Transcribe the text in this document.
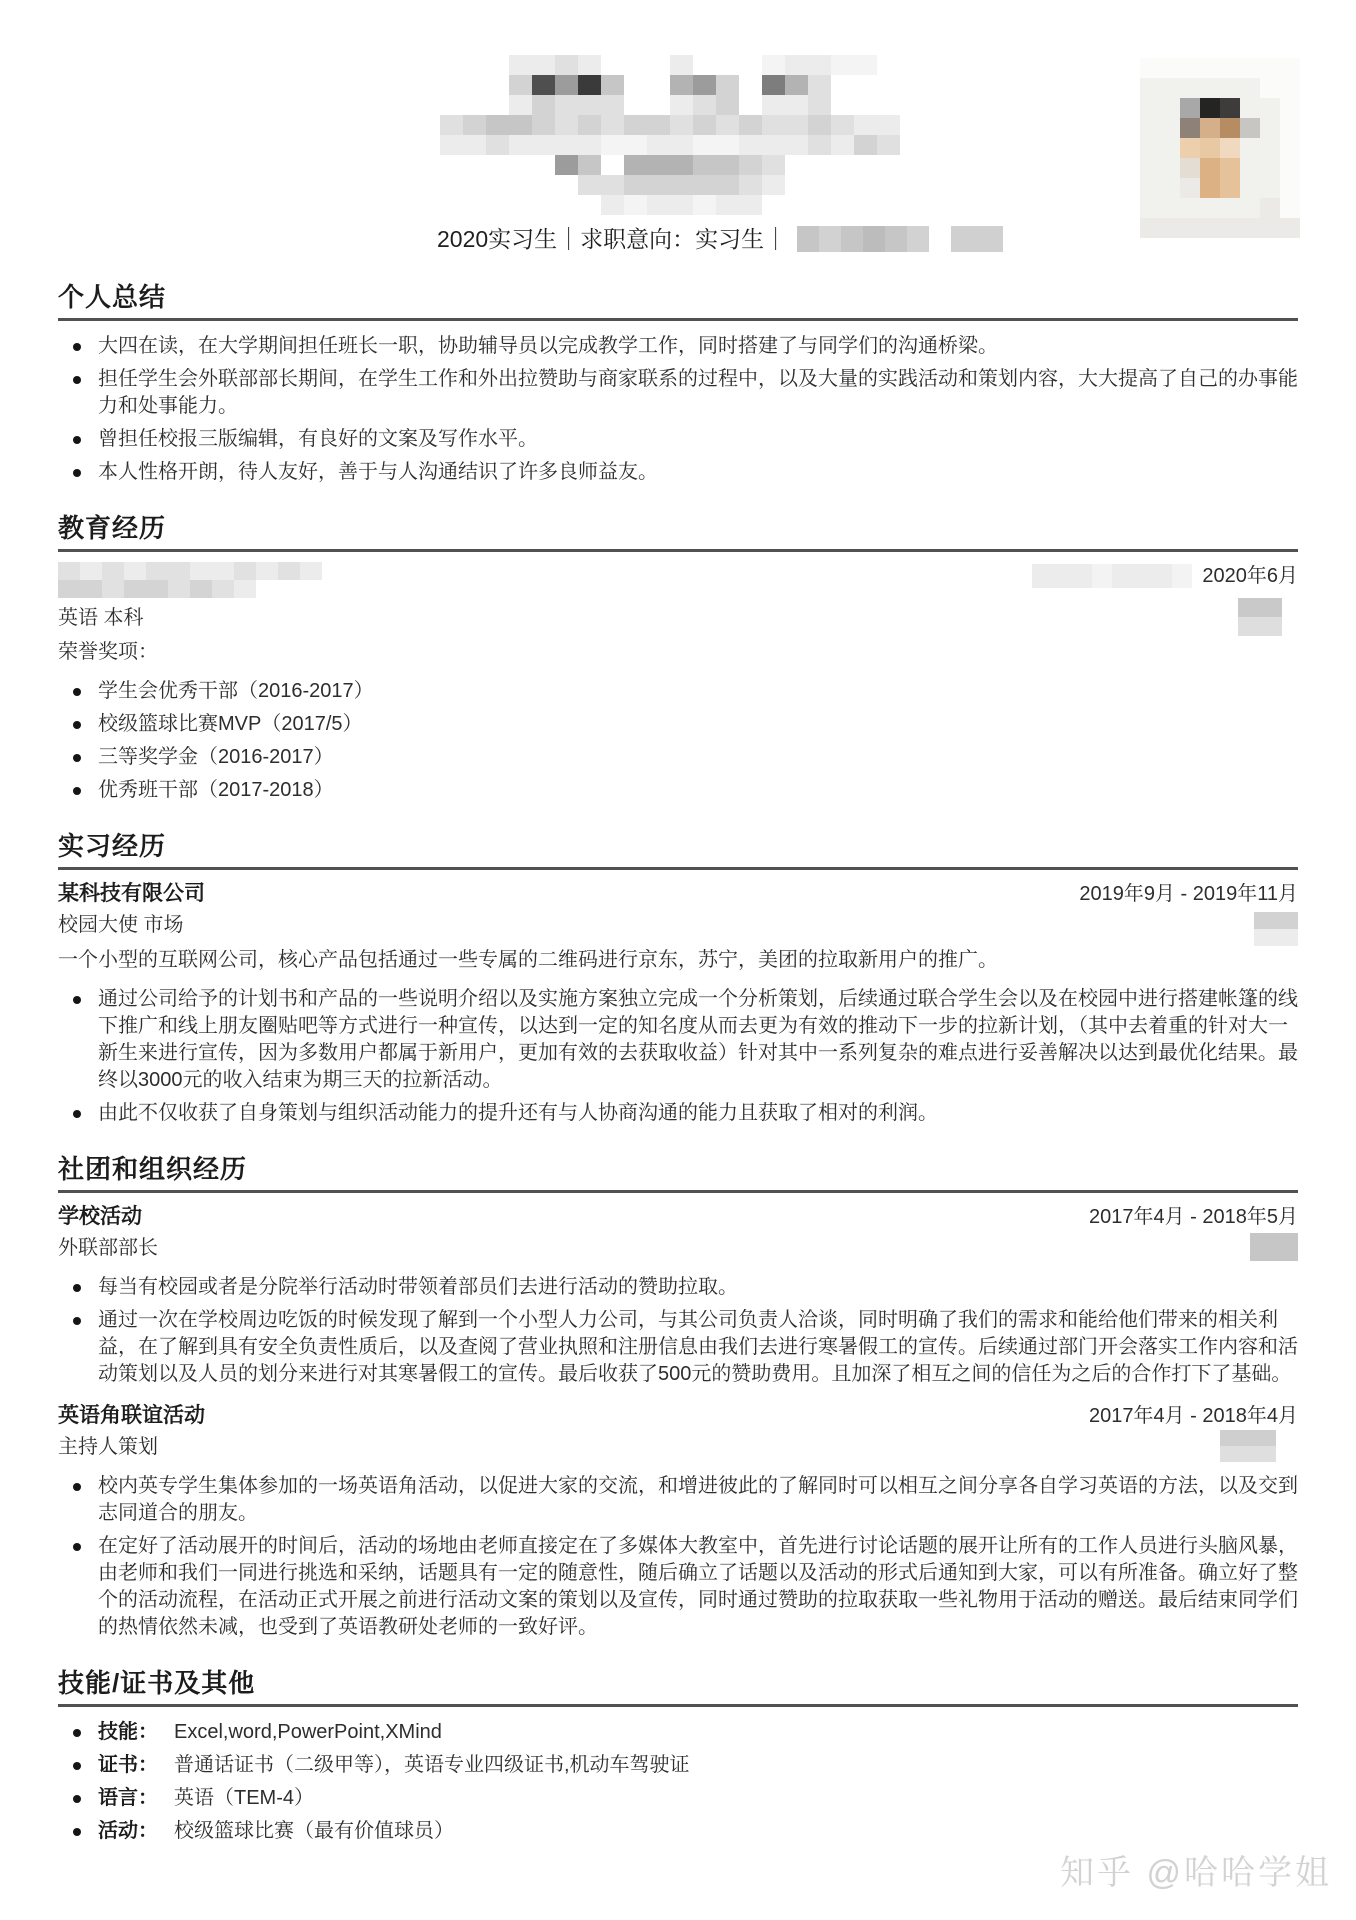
2020实习生｜求职意向：实习生｜
个人总结
大四在读，在大学期间担任班长一职，协助辅导员以完成教学工作，同时搭建了与同学们的沟通桥梁。
担任学生会外联部部长期间，在学生工作和外出拉赞助与商家联系的过程中，以及大量的实践活动和策划内容，大大提高了自己的办事能力和处事能力。
曾担任校报三版编辑，有良好的文案及写作水平。
本人性格开朗，待人友好，善于与人沟通结识了许多良师益友。
教育经历
2020年6月
英语 本科
荣誉奖项：
学生会优秀干部（2016-2017）
校级篮球比赛MVP（2017/5）
三等奖学金（2016-2017）
优秀班干部（2017-2018）
实习经历
某科技有限公司	2019年9月 - 2019年11月
校园大使 市场

一个小型的互联网公司，核心产品包括通过一些专属的二维码进行京东，苏宁，美团的拉取新用户的推广。

通过公司给予的计划书和产品的一些说明介绍以及实施方案独立完成一个分析策划，后续通过联合学生会以及在校园中进行搭建帐篷的线下推广和线上朋友圈贴吧等方式进行一种宣传，以达到一定的知名度从而去更为有效的推动下一步的拉新计划，（其中去着重的针对大一新生来进行宣传，因为多数用户都属于新用户，更加有效的去获取收益）针对其中一系列复杂的难点进行妥善解决以达到最优化结果。最终以3000元的收入结束为期三天的拉新活动。
由此不仅收获了自身策划与组织活动能力的提升还有与人协商沟通的能力且获取了相对的利润。
社团和组织经历
学校活动	2017年4月 - 2018年5月
外联部部长
每当有校园或者是分院举行活动时带领着部员们去进行活动的赞助拉取。
通过一次在学校周边吃饭的时候发现了解到一个小型人力公司，与其公司负责人洽谈，同时明确了我们的需求和能给他们带来的相关利益，在了解到具有安全负责性质后，以及查阅了营业执照和注册信息由我们去进行寒暑假工的宣传。后续通过部门开会落实工作内容和活动策划以及人员的划分来进行对其寒暑假工的宣传。最后收获了500元的赞助费用。且加深了相互之间的信任为之后的合作打下了基础。
英语角联谊活动	2017年4月 - 2018年4月
主持人策划
校内英专学生集体参加的一场英语角活动，以促进大家的交流，和增进彼此的了解同时可以相互之间分享各自学习英语的方法，以及交到志同道合的朋友。
在定好了活动展开的时间后，活动的场地由老师直接定在了多媒体大教室中，首先进行讨论话题的展开让所有的工作人员进行头脑风暴，由老师和我们一同进行挑选和采纳，话题具有一定的随意性，随后确立了话题以及活动的形式后通知到大家，可以有所准备。确立好了整个的活动流程，在活动正式开展之前进行活动文案的策划以及宣传，同时通过赞助的拉取获取一些礼物用于活动的赠送。最后结束同学们的热情依然未减，也受到了英语教研处老师的一致好评。
技能/证书及其他
技能： Excel,word,PowerPoint,XMind
证书： 普通话证书（二级甲等），英语专业四级证书,机动车驾驶证
语言： 英语（TEM-4）
活动： 校级篮球比赛（最有价值球员）
知乎 @哈哈学姐
